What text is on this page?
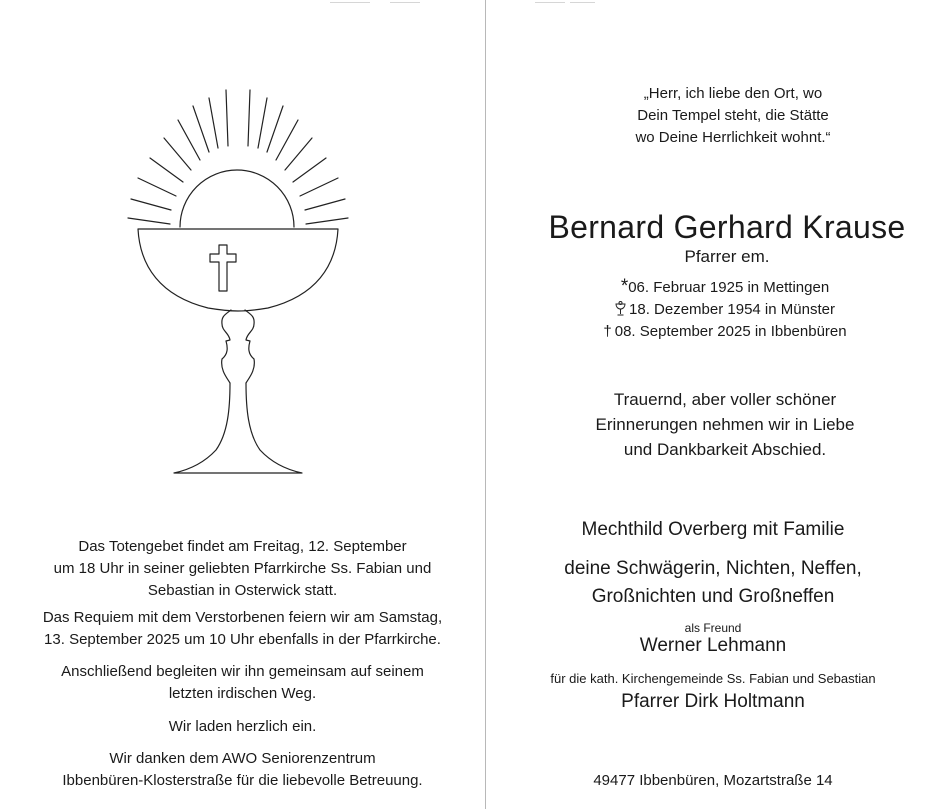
Das Totengebet findet am Freitag, 12. September
um 18 Uhr in seiner geliebten Pfarrkirche Ss. Fabian und
Sebastian in Osterwick statt.
Das Requiem mit dem Verstorbenen feiern wir am Samstag,
13. September 2025 um 10 Uhr ebenfalls in der Pfarrkirche.
Anschließend begleiten wir ihn gemeinsam auf seinem
letzten irdischen Weg.
Wir laden herzlich ein.
Wir danken dem AWO Seniorenzentrum
Ibbenbüren-Klosterstraße für die liebevolle Betreuung.
„Herr, ich liebe den Ort, wo
Dein Tempel steht, die Stätte
wo Deine Herrlichkeit wohnt.“
Bernard Gerhard Krause
Pfarrer em.
*06. Februar 1925 in Mettingen
18. Dezember 1954 in Münster
† 08. September 2025 in Ibbenbüren
Trauernd, aber voller schöner
Erinnerungen nehmen wir in Liebe
und Dankbarkeit Abschied.
Mechthild Overberg mit Familie
deine Schwägerin, Nichten, Neffen,
Großnichten und Großneffen
als Freund
Werner Lehmann
für die kath. Kirchengemeinde Ss. Fabian und Sebastian
Pfarrer Dirk Holtmann
49477 Ibbenbüren, Mozartstraße 14
